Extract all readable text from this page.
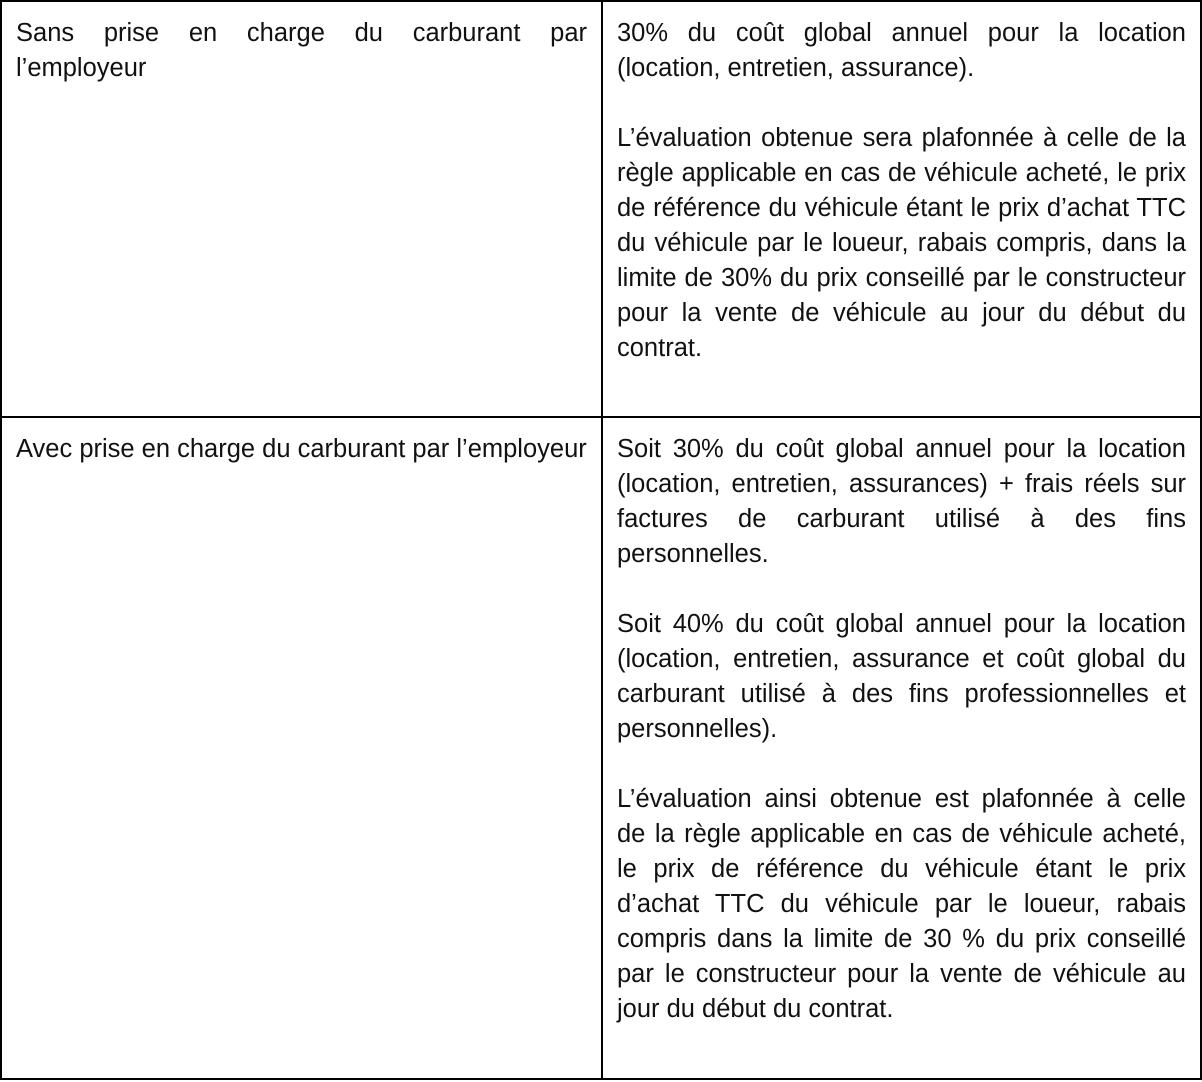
Sans prise en charge du carburant par l’employeur	30% du coût global annuel pour la location (location, entretien, assurance).

L’évaluation obtenue sera plafonnée à celle de la règle applicable en cas de véhicule acheté, le prix de référence du véhicule étant le prix d’achat TTC du véhicule par le loueur, rabais compris, dans la limite de 30% du prix conseillé par le constructeur pour la vente de véhicule au jour du début du contrat.

Avec prise en charge du carburant par l’employeur	Soit 30% du coût global annuel pour la location (location, entretien, assurances) + frais réels sur factures de carburant utilisé à des fins personnelles.

Soit 40% du coût global annuel pour la location (location, entretien, assurance et coût global du carburant utilisé à des fins professionnelles et personnelles).

L’évaluation ainsi obtenue est plafonnée à celle de la règle applicable en cas de véhicule acheté, le prix de référence du véhicule étant le prix d’achat TTC du véhicule par le loueur, rabais compris dans la limite de 30 % du prix conseillé par le constructeur pour la vente de véhicule au jour du début du contrat.
